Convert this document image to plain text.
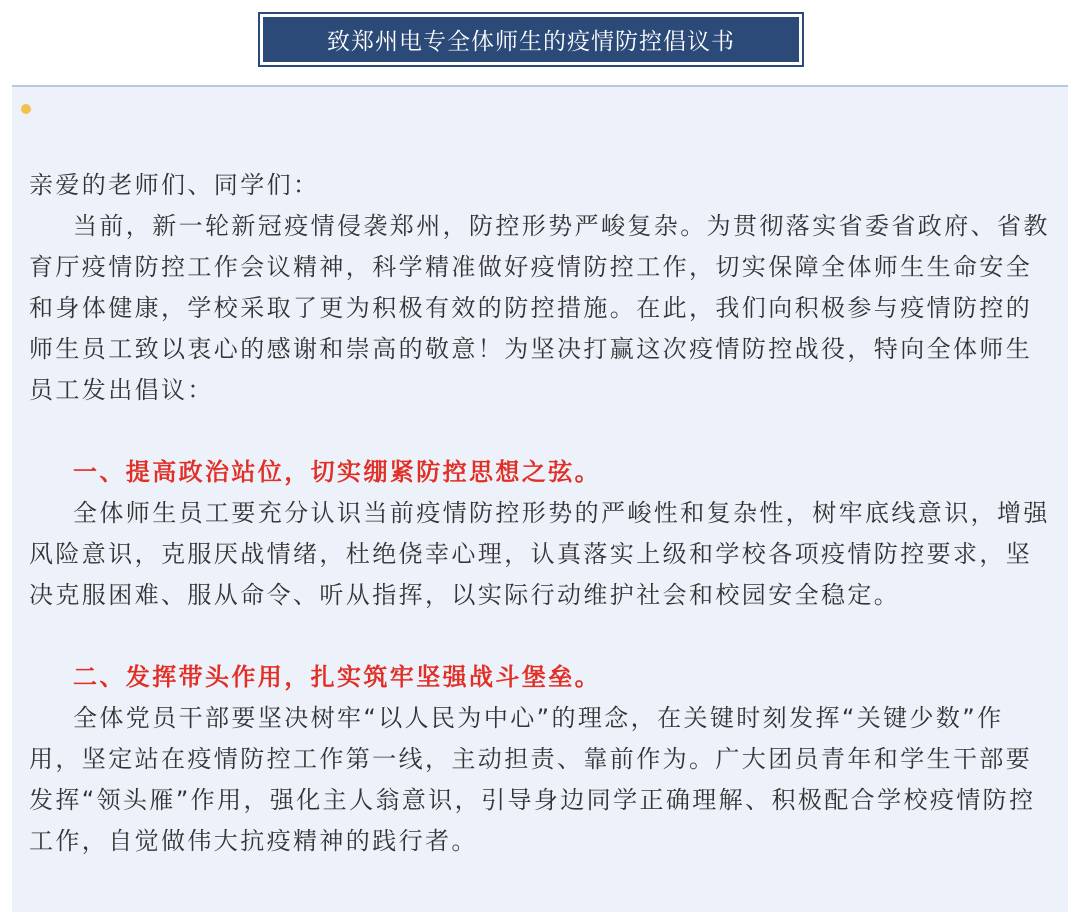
致郑州电专全体师生的疫情防控倡议书

亲爱的老师们、同学们：

当前，新一轮新冠疫情侵袭郑州，防控形势严峻复杂。为贯彻落实省委省政府、省教育厅疫情防控工作会议精神，科学精准做好疫情防控工作，切实保障全体师生生命安全和身体健康，学校采取了更为积极有效的防控措施。在此，我们向积极参与疫情防控的师生员工致以衷心的感谢和崇高的敬意！为坚决打赢这次疫情防控战役，特向全体师生员工发出倡议：

一、提高政治站位，切实绷紧防控思想之弦。

全体师生员工要充分认识当前疫情防控形势的严峻性和复杂性，树牢底线意识，增强风险意识，克服厌战情绪，杜绝侥幸心理，认真落实上级和学校各项疫情防控要求，坚决克服困难、服从命令、听从指挥，以实际行动维护社会和校园安全稳定。

二、发挥带头作用，扎实筑牢坚强战斗堡垒。

全体党员干部要坚决树牢“以人民为中心”的理念，在关键时刻发挥“关键少数”作用，坚定站在疫情防控工作第一线，主动担责、靠前作为。广大团员青年和学生干部要发挥“领头雁”作用，强化主人翁意识，引导身边同学正确理解、积极配合学校疫情防控工作，自觉做伟大抗疫精神的践行者。
